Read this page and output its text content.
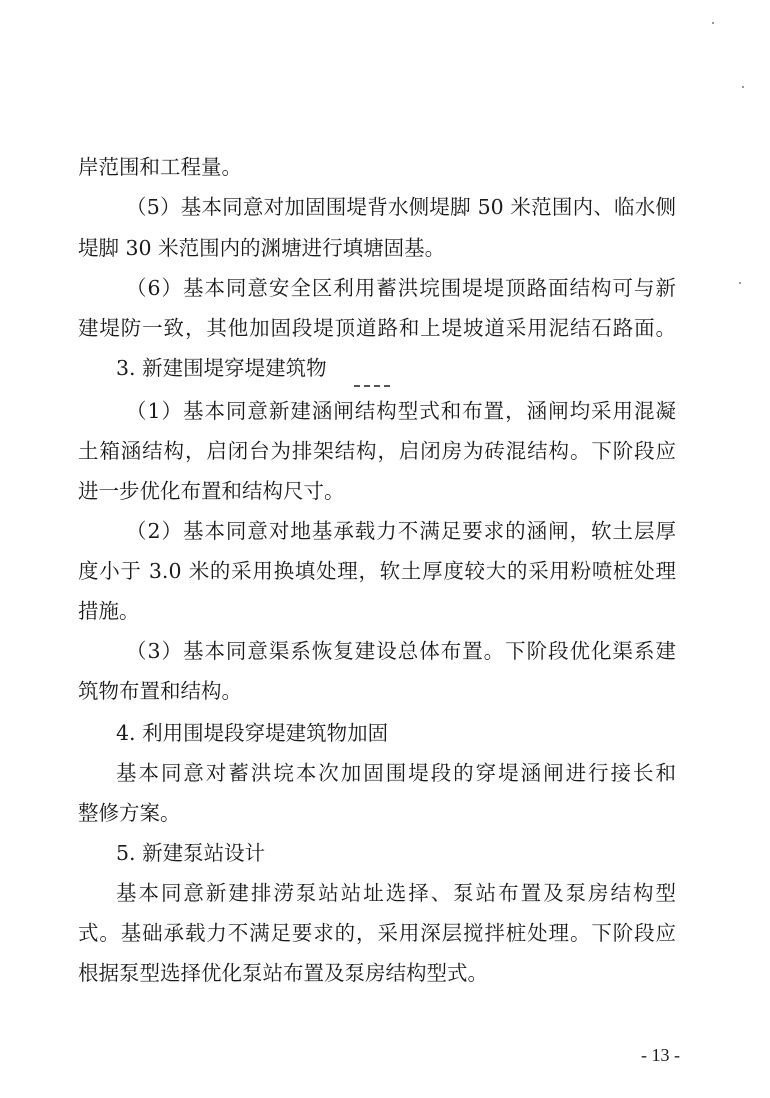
岸范围和工程量。
（5）基本同意对加固围堤背水侧堤脚 50 米范围内、临水侧
堤脚 30 米范围内的渊塘进行填塘固基。
（6）基本同意安全区利用蓄洪垸围堤堤顶路面结构可与新
建堤防一致，其他加固段堤顶道路和上堤坡道采用泥结石路面。
3. 新建围堤穿堤建筑物
（1）基本同意新建涵闸结构型式和布置，涵闸均采用混凝
土箱涵结构，启闭台为排架结构，启闭房为砖混结构。下阶段应
进一步优化布置和结构尺寸。
（2）基本同意对地基承载力不满足要求的涵闸，软土层厚
度小于 3.0 米的采用换填处理，软土厚度较大的采用粉喷桩处理
措施。
（3）基本同意渠系恢复建设总体布置。下阶段优化渠系建
筑物布置和结构。
4. 利用围堤段穿堤建筑物加固
基本同意对蓄洪垸本次加固围堤段的穿堤涵闸进行接长和
整修方案。
5. 新建泵站设计
基本同意新建排涝泵站站址选择、泵站布置及泵房结构型
式。基础承载力不满足要求的，采用深层搅拌桩处理。下阶段应
根据泵型选择优化泵站布置及泵房结构型式。
- 13 -
